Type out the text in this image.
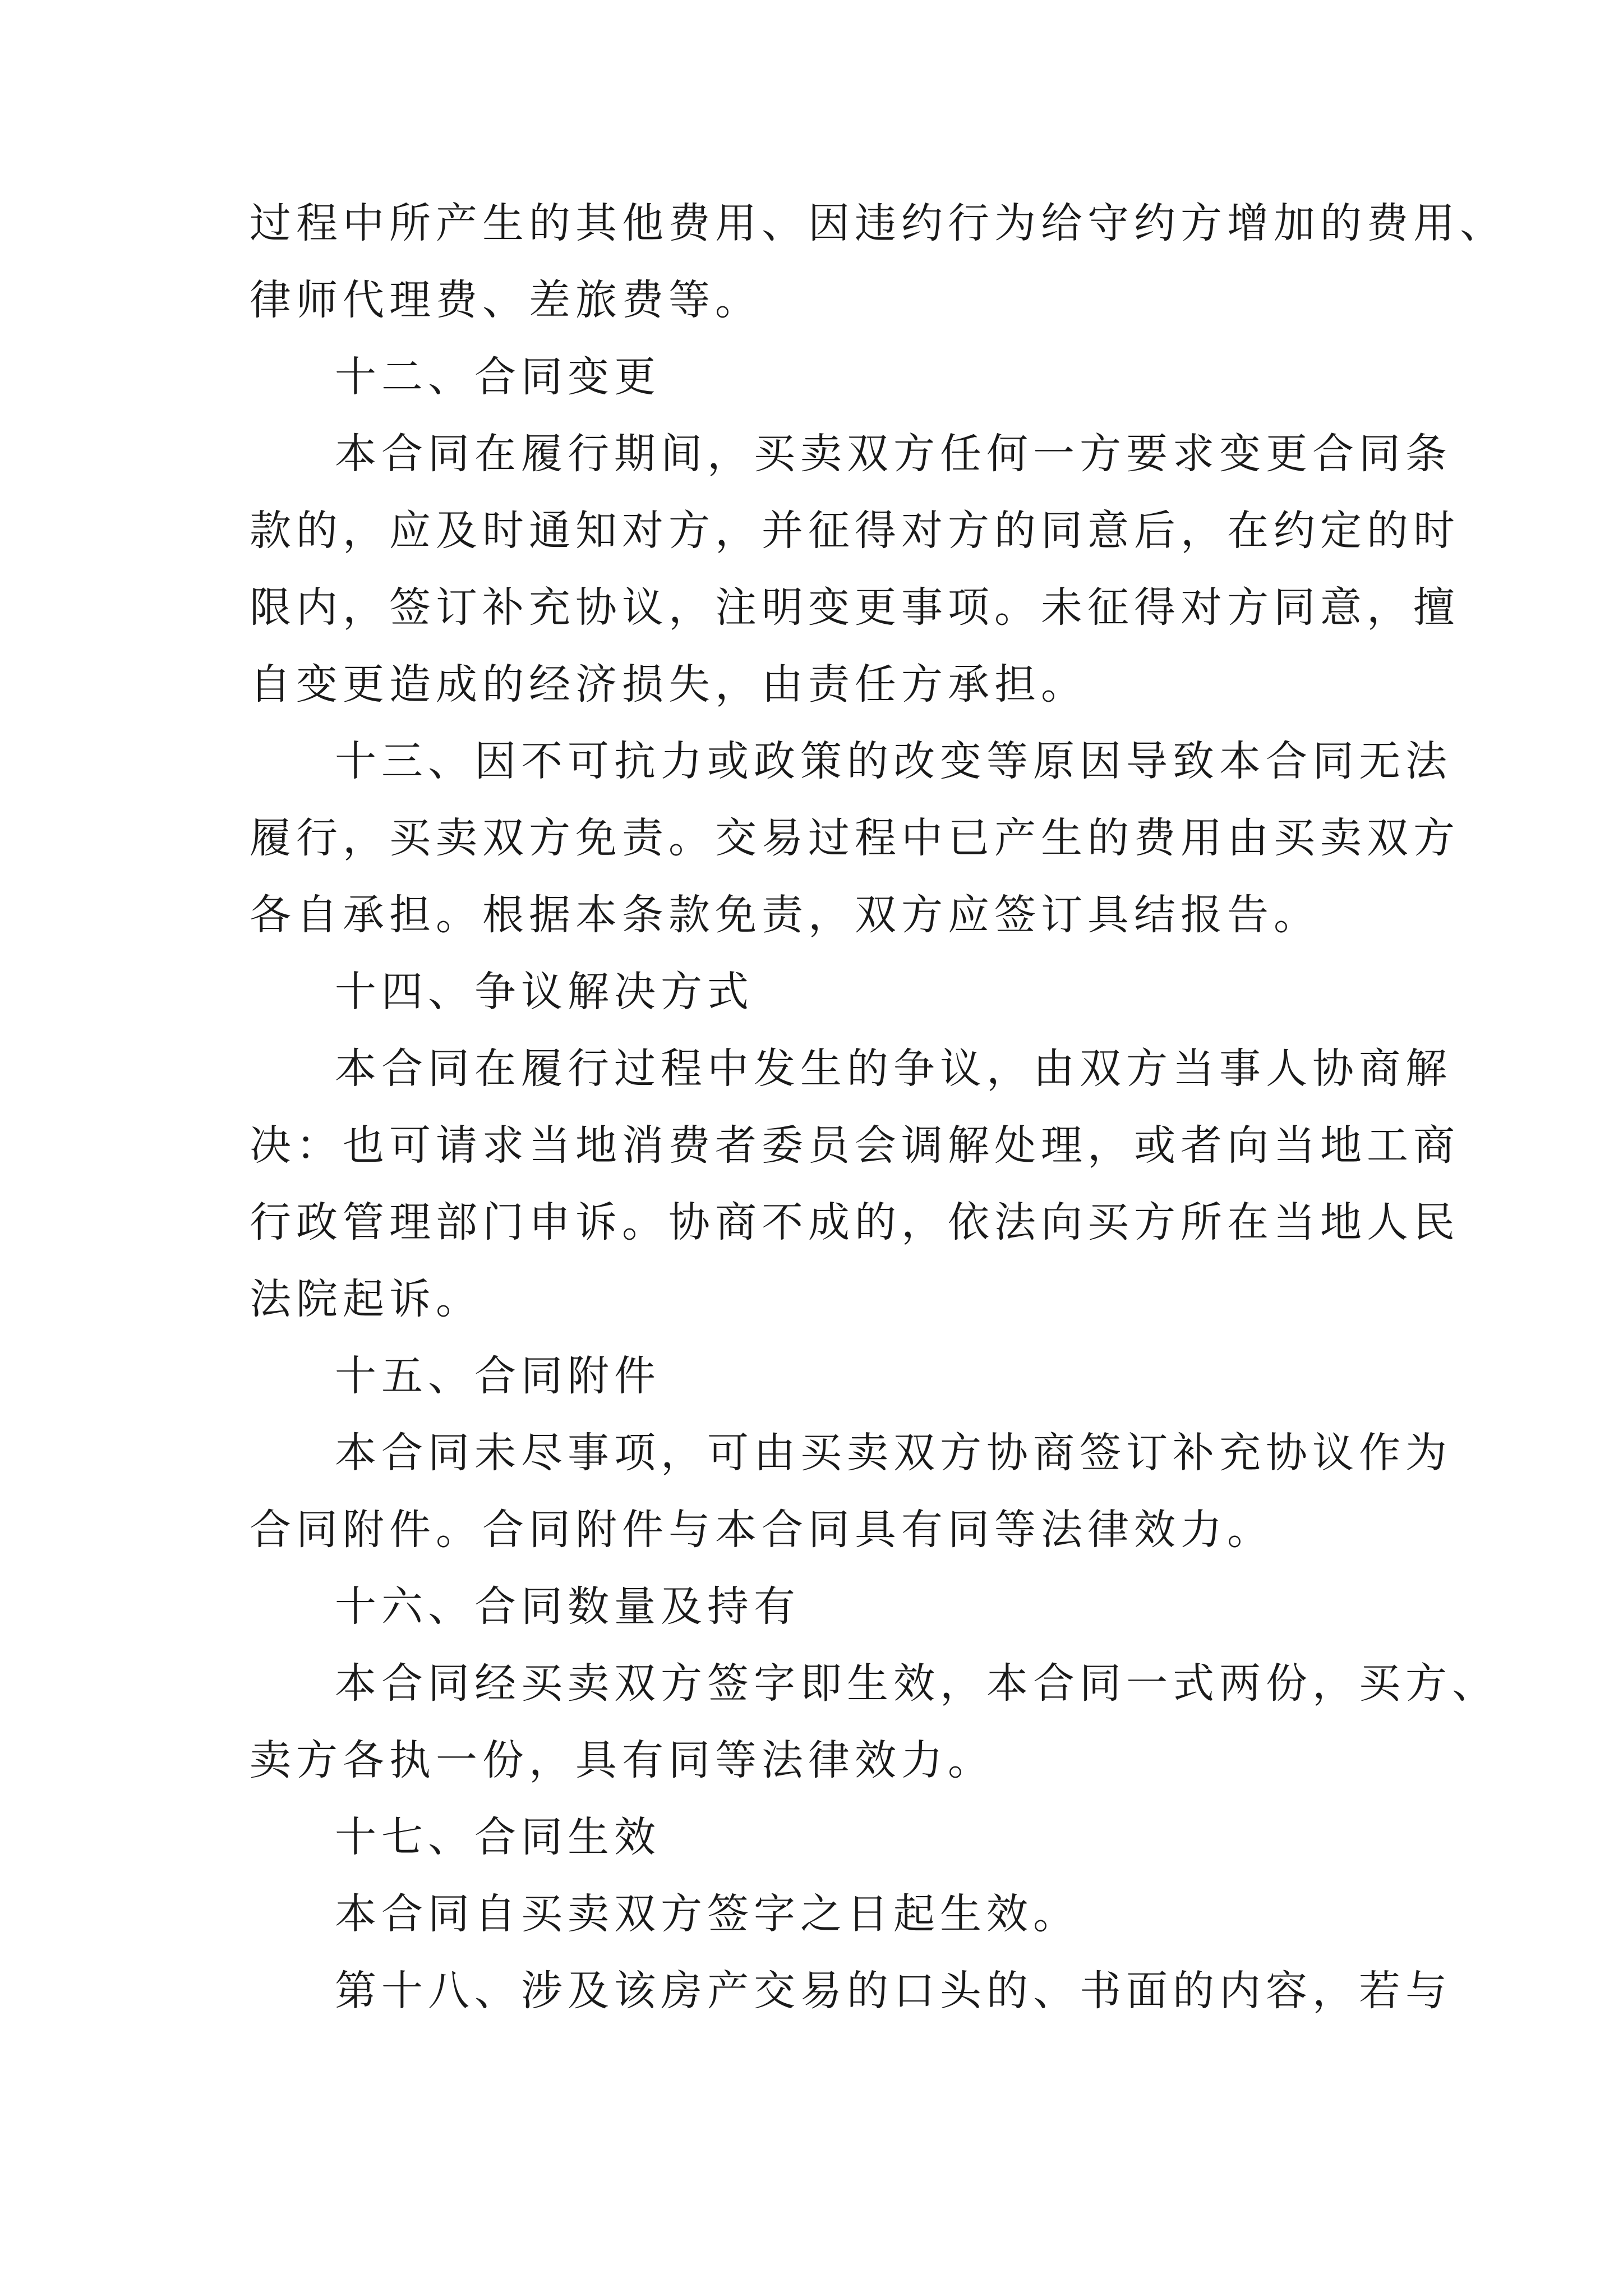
过程中所产生的其他费用、因违约行为给守约方增加的费用、
律师代理费、差旅费等。
十二、合同变更
本合同在履行期间，买卖双方任何一方要求变更合同条
款的，应及时通知对方，并征得对方的同意后，在约定的时
限内，签订补充协议，注明变更事项。未征得对方同意，擅
自变更造成的经济损失，由责任方承担。
十三、因不可抗力或政策的改变等原因导致本合同无法
履行，买卖双方免责。交易过程中已产生的费用由买卖双方
各自承担。根据本条款免责，双方应签订具结报告。
十四、争议解决方式
本合同在履行过程中发生的争议，由双方当事人协商解
决：也可请求当地消费者委员会调解处理，或者向当地工商
行政管理部门申诉。协商不成的，依法向买方所在当地人民
法院起诉。
十五、合同附件
本合同未尽事项，可由买卖双方协商签订补充协议作为
合同附件。合同附件与本合同具有同等法律效力。
十六、合同数量及持有
本合同经买卖双方签字即生效，本合同一式两份，买方、
卖方各执一份，具有同等法律效力。
十七、合同生效
本合同自买卖双方签字之日起生效。
第十八、涉及该房产交易的口头的、书面的内容，若与
